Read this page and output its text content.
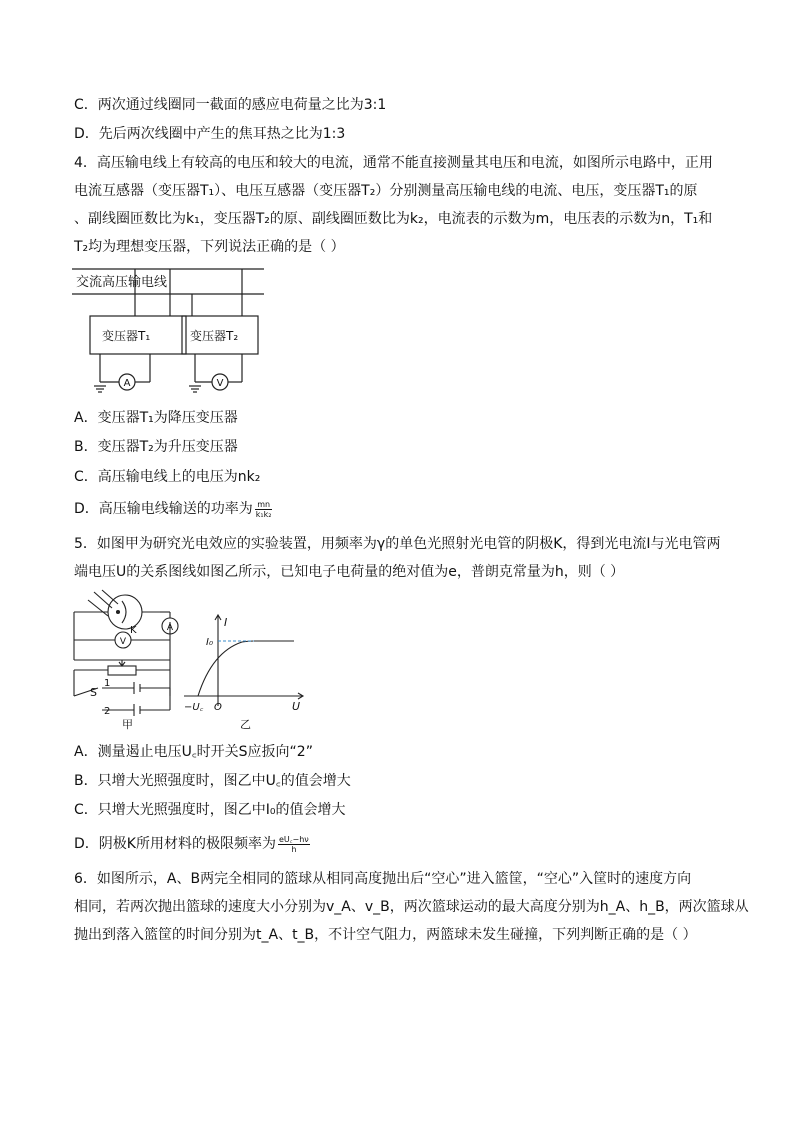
C．两次通过线圈同一截面的感应电荷量之比为3:1
D．先后两次线圈中产生的焦耳热之比为1:3
4．高压输电线上有较高的电压和较大的电流，通常不能直接测量其电压和电流，如图所示电路中，正用
电流互感器（变压器T₁）、电压互感器（变压器T₂）分别测量高压输电线的电流、电压，变压器T₁的原
、副线圈匝数比为k₁，变压器T₂的原、副线圈匝数比为k₂，电流表的示数为m，电压表的示数为n，T₁和
T₂均为理想变压器，下列说法正确的是（ ）
交流高压输电线
变压器T₁	变压器T₂
A	V
A．变压器T₁为降压变压器
B．变压器T₂为升压变压器
C．高压输电线上的电压为nk₂
D．高压输电线输送的功率为 $\frac{mn}{\text{k₁k₂}}$
5．如图甲为研究光电效应的实验装置，用频率为γ的单色光照射光电管的阴极K，得到光电流I与光电管两
端电压U的关系图线如图乙所示，已知电子电荷量的绝对值为e，普朗克常量为h，则（ ）
K	A
V
S
1
2
甲
I
I₀
O
−U꜀	U
乙
A．测量遏止电压U꜀时开关S应扳向“2”
B．只增大光照强度时，图乙中U꜀的值会增大
C．只增大光照强度时，图乙中I₀的值会增大
D．阴极K所用材料的极限频率为 $\frac{eU꜀-h\nu}{h}$
6．如图所示，A、B两完全相同的篮球从相同高度抛出后“空心”进入篮筐，“空心”入筐时的速度方向
相同，若两次抛出篮球的速度大小分别为v_A、v_B，两次篮球运动的最大高度分别为h_A、h_B，两次篮球从
抛出到落入篮筐的时间分别为t_A、t_B，不计空气阻力，两篮球未发生碰撞，下列判断正确的是（ ）
